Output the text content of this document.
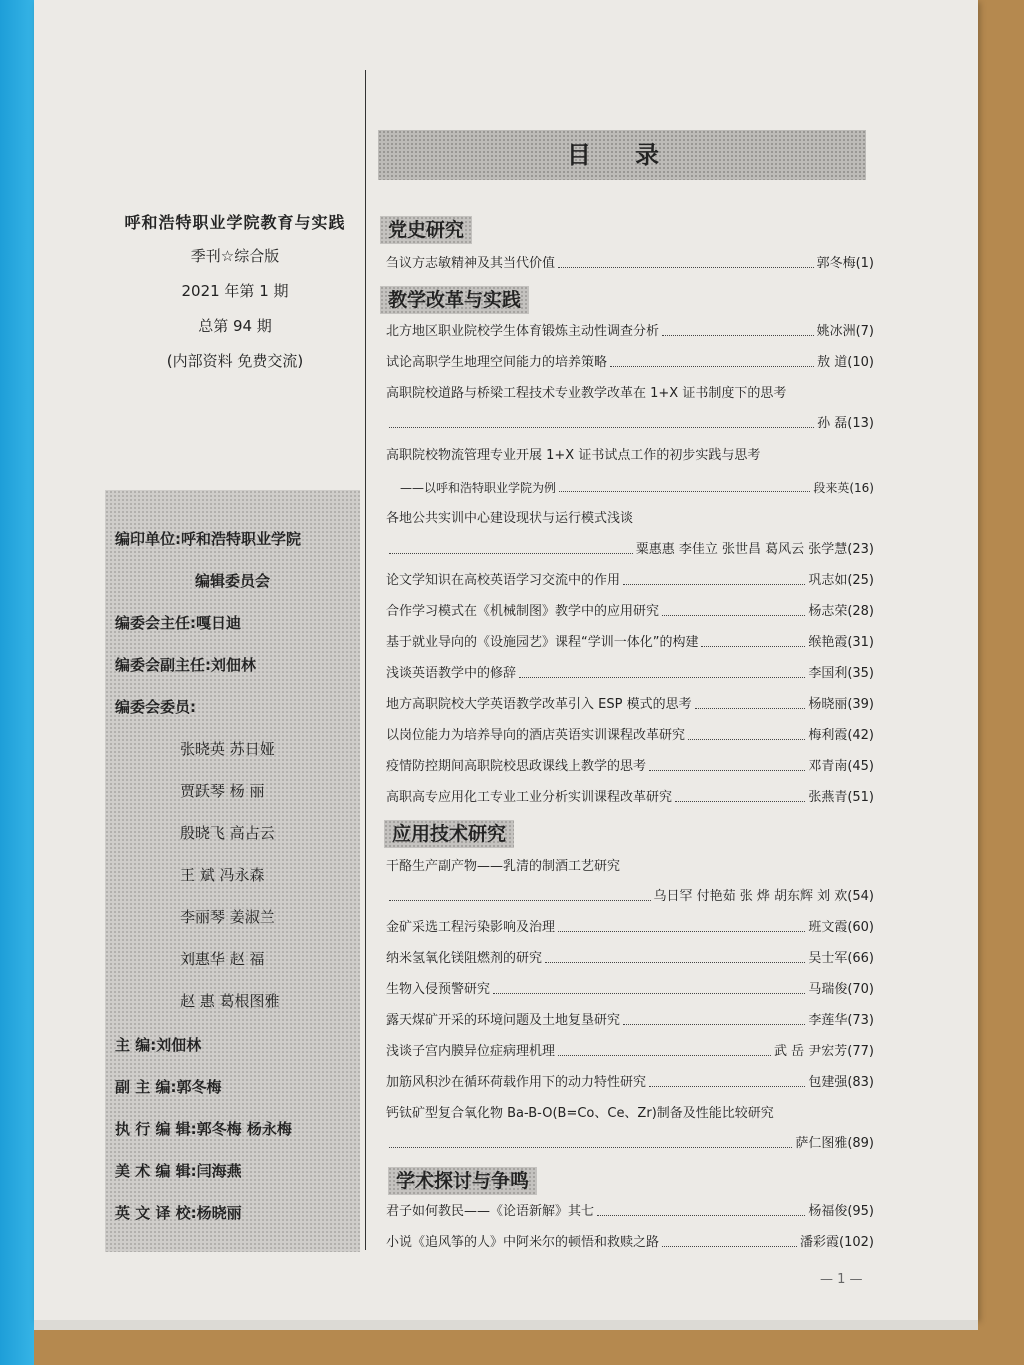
呼和浩特职业学院教育与实践
季刊☆综合版
2021 年第 1 期
总第 94 期
(内部资料 免费交流)
编印单位:呼和浩特职业学院
编辑委员会
编委会主任:嘎日迪
编委会副主任:刘佃林
编委会委员:
张晓英 苏日娅
贾跃琴 杨 丽
殷晓飞 高占云
王 斌 冯永森
李丽琴 姜淑兰
刘惠华 赵 福
赵 惠 葛根图雅
主 编:刘佃林
副 主 编:郭冬梅
执 行 编 辑:郭冬梅 杨永梅
美 术 编 辑:闫海燕
英 文 译 校:杨晓丽
目 录
党史研究
刍议方志敏精神及其当代价值	郭冬梅(1)
教学改革与实践
北方地区职业院校学生体育锻炼主动性调查分析	姚冰洲(7)
试论高职学生地理空间能力的培养策略	敖 道(10)
高职院校道路与桥梁工程技术专业教学改革在 1+X 证书制度下的思考
孙 磊(13)
高职院校物流管理专业开展 1+X 证书试点工作的初步实践与思考
——以呼和浩特职业学院为例	段来英(16)
各地公共实训中心建设现状与运行模式浅谈
粟惠惠 李佳立 张世昌 葛风云 张学慧(23)
论文学知识在高校英语学习交流中的作用	巩志如(25)
合作学习模式在《机械制图》教学中的应用研究	杨志荣(28)
基于就业导向的《设施园艺》课程“学训一体化”的构建	缑艳霞(31)
浅谈英语教学中的修辞	李国利(35)
地方高职院校大学英语教学改革引入 ESP 模式的思考	杨晓丽(39)
以岗位能力为培养导向的酒店英语实训课程改革研究	梅利霞(42)
疫情防控期间高职院校思政课线上教学的思考	邓青南(45)
高职高专应用化工专业工业分析实训课程改革研究	张燕青(51)
应用技术研究
干酪生产副产物——乳清的制酒工艺研究
乌日罕 付艳茹 张 烨 胡东辉 刘 欢(54)
金矿采选工程污染影响及治理	班文霞(60)
纳米氢氧化镁阻燃剂的研究	吴士军(66)
生物入侵预警研究	马瑞俊(70)
露天煤矿开采的环境问题及土地复垦研究	李莲华(73)
浅谈子宫内膜异位症病理机理	武 岳 尹宏芳(77)
加筋风积沙在循环荷载作用下的动力特性研究	包建强(83)
钙钛矿型复合氧化物 Ba-B-O(B=Co、Ce、Zr)制备及性能比较研究
萨仁图雅(89)
学术探讨与争鸣
君子如何教民——《论语新解》其七	杨福俊(95)
小说《追风筝的人》中阿米尔的顿悟和救赎之路	潘彩霞(102)
— 1 —
